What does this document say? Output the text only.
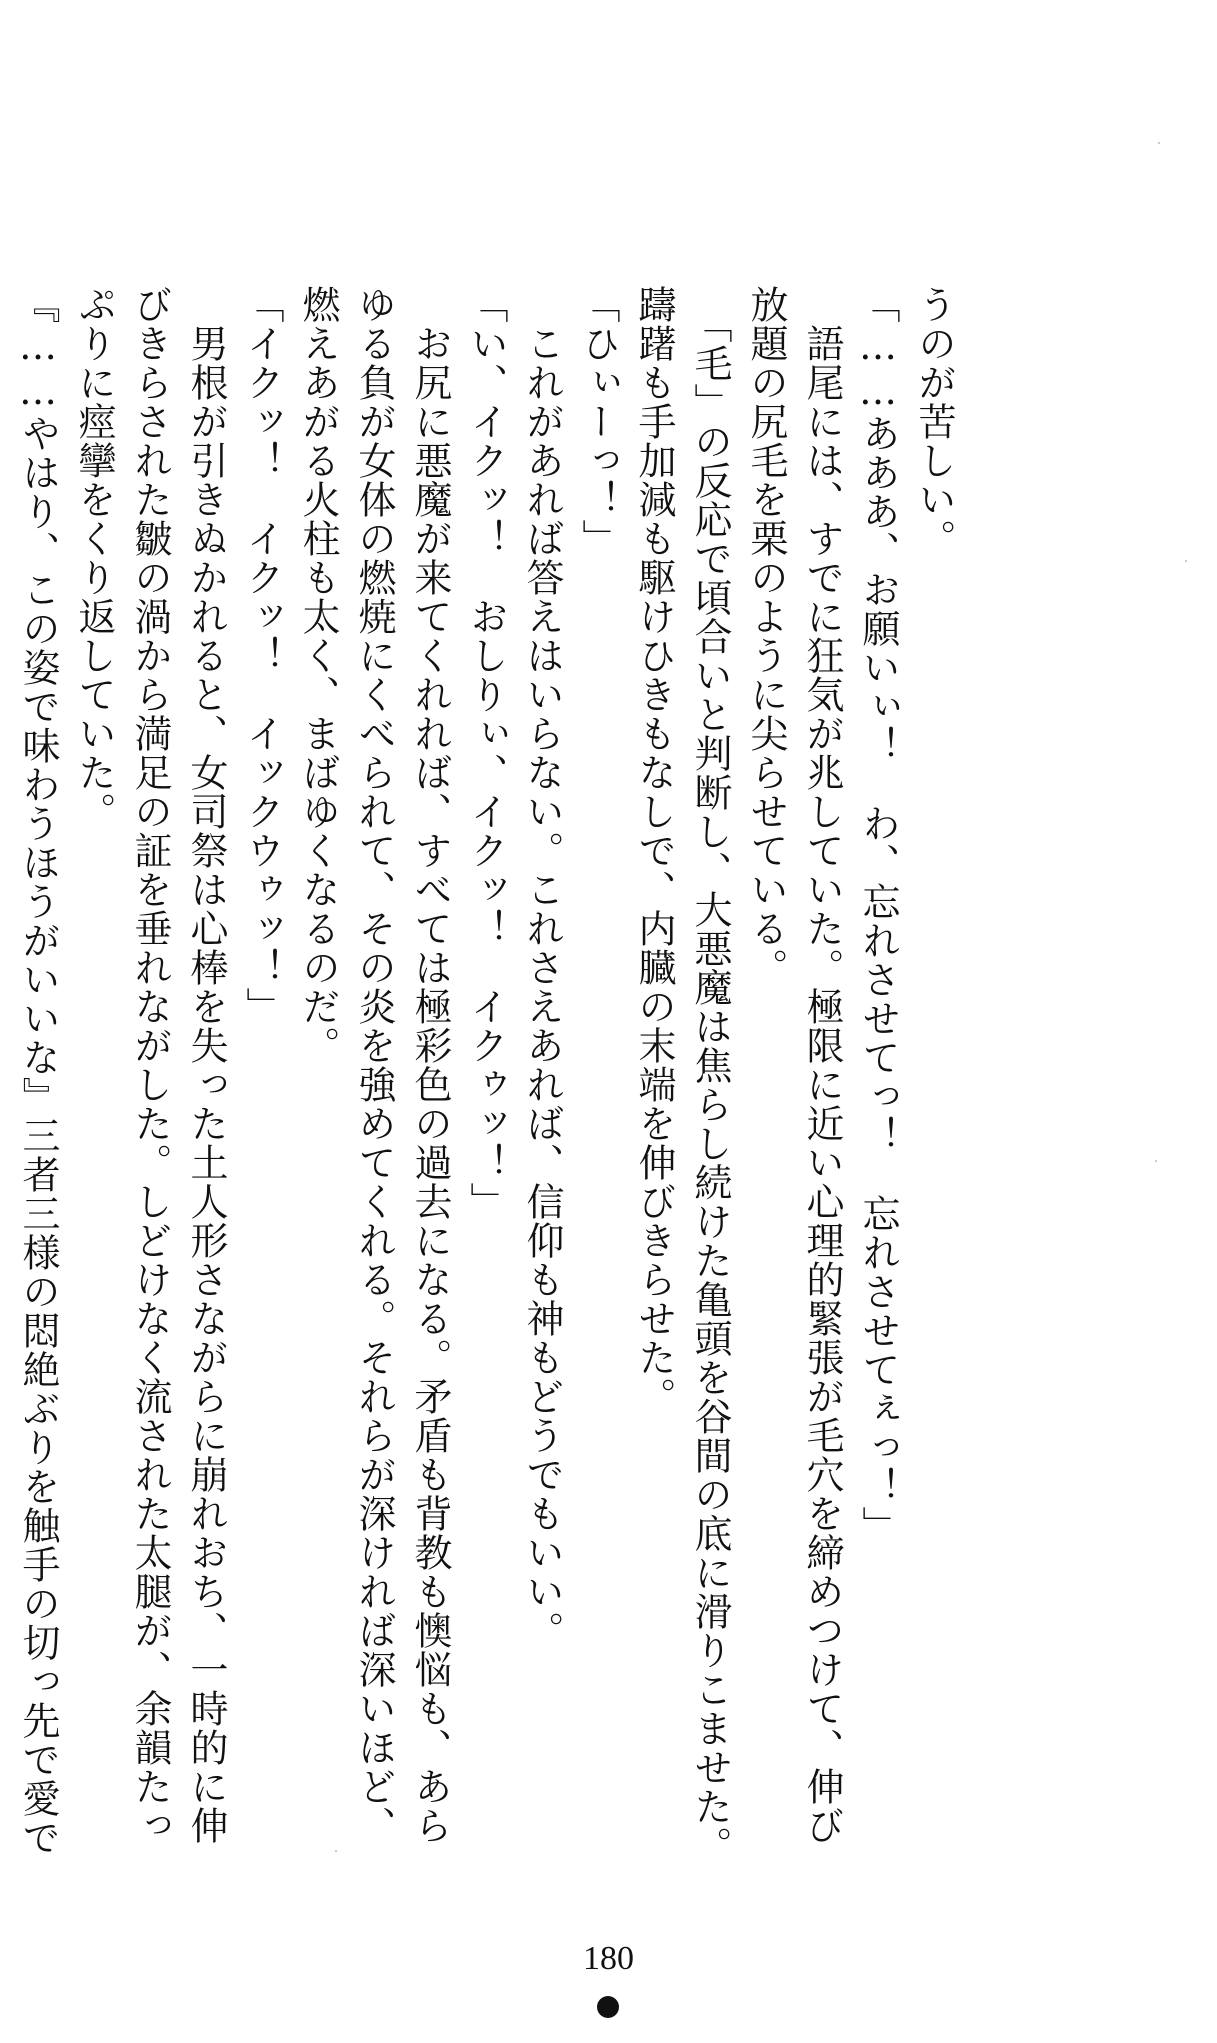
うのが苦しい。
「……あああ、お願いぃ！　わ、忘れさせてっ！　忘れさせてぇっ！」
　語尾には、すでに狂気が兆していた。極限に近い心理的緊張が毛穴を締めつけて、伸び
放題の尻毛を栗のように尖らせている。
　「毛」の反応で頃合いと判断し、大悪魔は焦らし続けた亀頭を谷間の底に滑りこませた。
躊躇も手加減も駆けひきもなしで、内臓の末端を伸びきらせた。
「ひぃーっ！」
　これがあれば答えはいらない。これさえあれば、信仰も神もどうでもいい。
「い、イクッ！　おしりぃ、イクッ！　イクゥッ！」
　お尻に悪魔が来てくれれば、すべては極彩色の過去になる。矛盾も背教も懊悩も、あら
ゆる負が女体の燃焼にくべられて、その炎を強めてくれる。それらが深ければ深いほど、
燃えあがる火柱も太く、まばゆくなるのだ。
「イクッ！　イクッ！　イックウゥッ！」
　男根が引きぬかれると、女司祭は心棒を失った土人形さながらに崩れおち、一時的に伸
びきらされた皺の渦から満足の証を垂れながした。しどけなく流された太腿が、余韻たっ
ぷりに痙攣をくり返していた。
『……やはり、この姿で味わうほうがいいな』三者三様の悶絶ぶりを触手の切っ先で愛で
180
